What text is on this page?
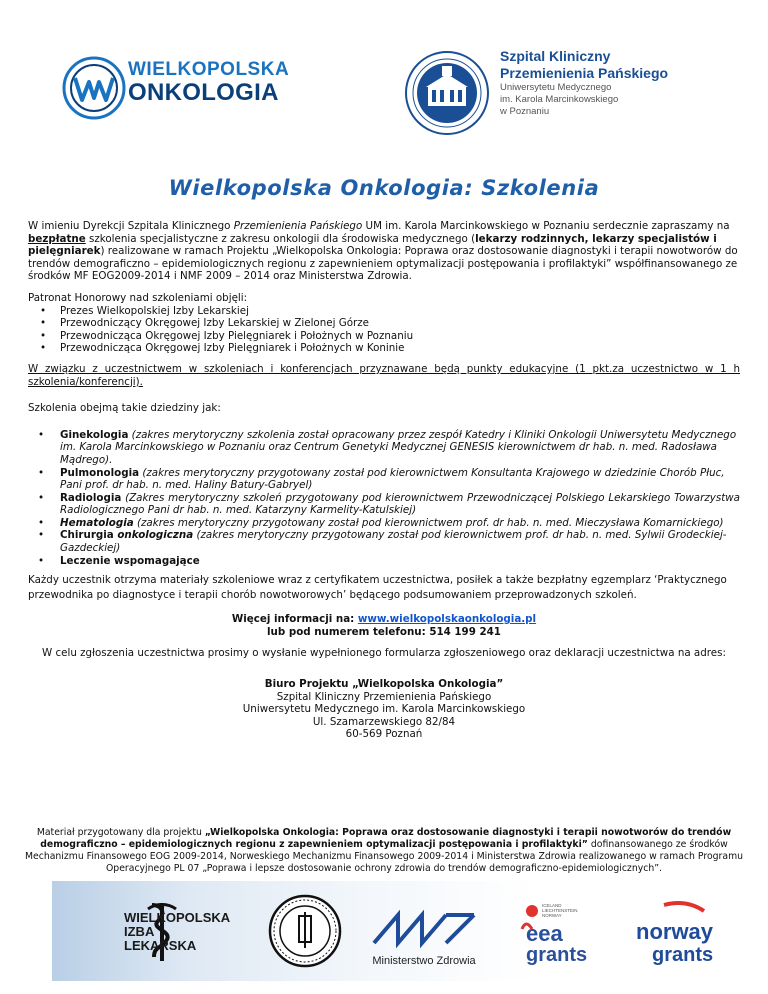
WIELKOPOLSKA
ONKOLOGIA
Szpital Kliniczny
Przemienienia Pańskiego
Uniwersytetu Medycznego
im. Karola Marcinkowskiego
w Poznaniu
Wielkopolska Onkologia: Szkolenia

W imieniu Dyrekcji Szpitala Klinicznego Przemienienia Pańskiego UM im. Karola Marcinkowskiego w Poznaniu serdecznie zapraszamy na bezpłatne szkolenia specjalistyczne z zakresu onkologii dla środowiska medycznego (lekarzy rodzinnych, lekarzy specjalistów i pielęgniarek) realizowane w ramach Projektu „Wielkopolska Onkologia: Poprawa oraz dostosowanie diagnostyki i terapii nowotworów do trendów demograficzno – epidemiologicznych regionu z zapewnieniem optymalizacji postępowania i profilaktyki” współfinansowanego ze środków MF EOG2009-2014 i NMF 2009 – 2014 oraz Ministerstwa Zdrowia.

Patronat Honorowy nad szkoleniami objęli:

• Prezes Wielkopolskiej Izby Lekarskiej
• Przewodniczący Okręgowej Izby Lekarskiej w Zielonej Górze
• Przewodnicząca Okręgowej Izby Pielęgniarek i Położnych w Poznaniu
• Przewodnicząca Okręgowej Izby Pielęgniarek i Położnych w Koninie

W związku z uczestnictwem w szkoleniach i konferencjach przyznawane będą punkty edukacyjne (1 pkt.za uczestnictwo w 1 h szkolenia/konferencji).

Szkolenia obejmą takie dziedziny jak:

• Ginekologia (zakres merytoryczny szkolenia został opracowany przez zespół Katedry i Kliniki Onkologii Uniwersytetu Medycznego im. Karola Marcinkowskiego w Poznaniu oraz Centrum Genetyki Medycznej GENESIS kierownictwem dr hab. n. med. Radosława Mądrego).
• Pulmonologia (zakres merytoryczny przygotowany został pod kierownictwem Konsultanta Krajowego w dziedzinie Chorób Płuc, Pani prof. dr hab. n. med. Haliny Batury-Gabryel)
• Radiologia (Zakres merytoryczny szkoleń przygotowany pod kierownictwem Przewodniczącej Polskiego Lekarskiego Towarzystwa Radiologicznego Pani dr hab. n. med. Katarzyny Karmelity-Katulskiej)
• Hematologia (zakres merytoryczny przygotowany został pod kierownictwem prof. dr hab. n. med. Mieczysława Komarnickiego)
• Chirurgia onkologiczna (zakres merytoryczny przygotowany został pod kierownictwem prof. dr hab. n. med. Sylwii Grodeckiej-Gazdeckiej)
• Leczenie wspomagające

Każdy uczestnik otrzyma materiały szkoleniowe wraz z certyfikatem uczestnictwa, posiłek a także bezpłatny egzemplarz ‘Praktycznego przewodnika po diagnostyce i terapii chorób nowotworowych’ będącego podsumowaniem przeprowadzonych szkoleń.

Więcej informacji na: www.wielkopolskaonkologia.pl
lub pod numerem telefonu: 514 199 241

W celu zgłoszenia uczestnictwa prosimy o wysłanie wypełnionego formularza zgłoszeniowego oraz deklaracji uczestnictwa na adres:

Biuro Projektu „Wielkopolska Onkologia”
Szpital Kliniczny Przemienienia Pańskiego
Uniwersytetu Medycznego im. Karola Marcinkowskiego
Ul. Szamarzewskiego 82/84
60-569 Poznań

Materiał przygotowany dla projektu „Wielkopolska Onkologia: Poprawa oraz dostosowanie diagnostyki i terapii nowotworów do trendów demograficzno – epidemiologicznych regionu z zapewnieniem optymalizacji postępowania i profilaktyki” dofinansowanego ze środków Mechanizmu Finansowego EOG 2009-2014, Norweskiego Mechanizmu Finansowego 2009-2014 i Ministerstwa Zdrowia realizowanego w ramach Programu Operacyjnego PL 07 „Poprawa i lepsze dostosowanie ochrony zdrowia do trendów demograficzno-epidemiologicznych”.

WIELKOPOLSKA
IZBA
LEKARSKA
Ministerstwo Zdrowia
ICELAND
LIECHTENSTEIN
NORWAY
eea
grants
norway
grants
